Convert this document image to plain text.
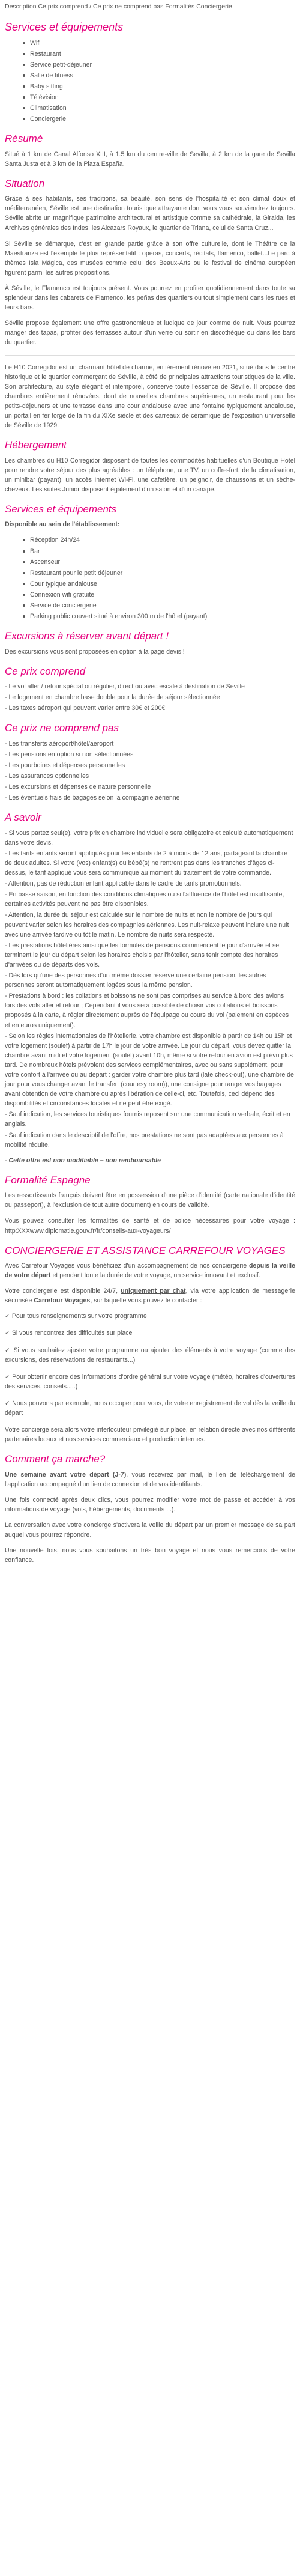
Description Ce prix comprend / Ce prix ne comprend pas Formalités Conciergerie
Services et équipements
Wifi
Restaurant
Service petit-déjeuner
Salle de fitness
Baby sitting
Télévision
Climatisation
Conciergerie
Résumé

Situé à 1 km de Canal Alfonso XIII, à 1.5 km du centre-ville de Sevilla, à 2 km de la gare de Sevilla Santa Justa et à 3 km de la Plaza España.

Situation

Grâce à ses habitants, ses traditions, sa beauté, son sens de l'hospitalité et son climat doux et méditerranéen, Séville est une destination touristique attrayante dont vous vous souviendrez toujours. Séville abrite un magnifique patrimoine architectural et artistique comme sa cathédrale, la Giralda, les Archives générales des Indes, les Alcazars Royaux, le quartier de Triana, celui de Santa Cruz...

Si Séville se démarque, c'est en grande partie grâce à son offre culturelle, dont le Théâtre de la Maestranza est l'exemple le plus représentatif : opéras, concerts, récitals, flamenco, ballet...Le parc à thèmes Isla Mágica, des musées comme celui des Beaux-Arts ou le festival de cinéma européen figurent parmi les autres propositions.

À Séville, le Flamenco est toujours présent. Vous pourrez en profiter quotidiennement dans toute sa splendeur dans les cabarets de Flamenco, les peñas des quartiers ou tout simplement dans les rues et leurs bars.

Séville propose également une offre gastronomique et ludique de jour comme de nuit. Vous pourrez manger des tapas, profiter des terrasses autour d'un verre ou sortir en discothèque ou dans les bars du quartier.

Le H10 Corregidor est un charmant hôtel de charme, entièrement rénové en 2021, situé dans le centre historique et le quartier commerçant de Séville, à côté de principales attractions touristiques de la ville. Son architecture, au style élégant et intemporel, conserve toute l'essence de Séville. Il propose des chambres entièrement rénovées, dont de nouvelles chambres supérieures, un restaurant pour les petits-déjeuners et une terrasse dans une cour andalouse avec une fontaine typiquement andalouse, un portail en fer forgé de la fin du XIXe siècle et des carreaux de céramique de l'exposition universelle de Séville de 1929.

Hébergement

Les chambres du H10 Corregidor disposent de toutes les commodités habituelles d'un Boutique Hotel pour rendre votre séjour des plus agréables : un téléphone, une TV, un coffre-fort, de la climatisation, un minibar (payant), un accès Internet Wi-Fi, une cafetière, un peignoir, de chaussons et un sèche-cheveux. Les suites Junior disposent également d'un salon et d'un canapé.

Services et équipements

Disponible au sein de l'établissement:

Réception 24h/24
Bar
Ascenseur
Restaurant pour le petit déjeuner
Cour typique andalouse
Connexion wifi gratuite
Service de conciergerie
Parking public couvert situé à environ 300 m de l'hôtel (payant)
Excursions à réserver avant départ !

Des excursions vous sont proposées en option à la page devis !

Ce prix comprend
- Le vol aller / retour spécial ou régulier, direct ou avec escale à destination de Séville
- Le logement en chambre base double pour la durée de séjour sélectionnée
- Les taxes aéroport qui peuvent varier entre 30€ et 200€
Ce prix ne comprend pas
- Les transferts aéroport/hôtel/aéroport
- Les pensions en option si non sélectionnées
- Les pourboires et dépenses personnelles
- Les assurances optionnelles
- Les excursions et dépenses de nature personnelle
- Les éventuels frais de bagages selon la compagnie aérienne
A savoir
- Si vous partez seul(e), votre prix en chambre individuelle sera obligatoire et calculé automatiquement dans votre devis.
- Les tarifs enfants seront appliqués pour les enfants de 2 à moins de 12 ans, partageant la chambre de deux adultes. Si votre (vos) enfant(s) ou bébé(s) ne rentrent pas dans les tranches d'âges ci-dessus, le tarif appliqué vous sera communiqué au moment du traitement de votre commande.
- Attention, pas de réduction enfant applicable dans le cadre de tarifs promotionnels.
- En basse saison, en fonction des conditions climatiques ou si l'affluence de l'hôtel est insuffisante, certaines activités peuvent ne pas être disponibles.
- Attention, la durée du séjour est calculée sur le nombre de nuits et non le nombre de jours qui peuvent varier selon les horaires des compagnies aériennes. Les nuit-relaxe peuvent inclure une nuit avec une arrivée tardive ou tôt le matin. Le nombre de nuits sera respecté.
- Les prestations hôtelières ainsi que les formules de pensions commencent le jour d'arrivée et se terminent le jour du départ selon les horaires choisis par l'hôtelier, sans tenir compte des horaires d'arrivées ou de départs des vols.
- Dès lors qu'une des personnes d'un même dossier réserve une certaine pension, les autres personnes seront automatiquement logées sous la même pension.
- Prestations à bord : les collations et boissons ne sont pas comprises au service à bord des avions lors des vols aller et retour ; Cependant il vous sera possible de choisir vos collations et boissons proposés à la carte, à régler directement auprès de l'équipage ou cours du vol (paiement en espèces et en euros uniquement).
- Selon les règles internationales de l'hôtellerie, votre chambre est disponible à partir de 14h ou 15h et votre logement (soulef) à partir de 17h le jour de votre arrivée. Le jour du départ, vous devez quitter la chambre avant midi et votre logement (soulef) avant 10h, même si votre retour en avion est prévu plus tard. De nombreux hôtels prévoient des services complémentaires, avec ou sans supplément, pour votre confort à l'arrivée ou au départ : garder votre chambre plus tard (late check-out), une chambre de jour pour vous changer avant le transfert (courtesy room)), une consigne pour ranger vos bagages avant obtention de votre chambre ou après libération de celle-ci, etc. Toutefois, ceci dépend des disponibilités et circonstances locales et ne peut être exigé.
- Sauf indication, les services touristiques fournis reposent sur une communication verbale, écrit et en anglais.
- Sauf indication dans le descriptif de l'offre, nos prestations ne sont pas adaptées aux personnes à mobilité réduite.

- Cette offre est non modifiable – non remboursable

Formalité Espagne

Les ressortissants français doivent être en possession d'une pièce d'identité (carte nationale d'identité ou passeport), à l'exclusion de tout autre document) en cours de validité.

Vous pouvez consulter les formalités de santé et de police nécessaires pour votre voyage : http:XXXwww.diplomatie.gouv.fr/fr/conseils-aux-voyageurs/

CONCIERGERIE ET ASSISTANCE CARREFOUR VOYAGES

Avec Carrefour Voyages vous bénéficiez d'un accompagnement de nos conciergerie depuis la veille de votre départ et pendant toute la durée de votre voyage, un service innovant et exclusif.

Votre conciergerie est disponible 24/7, uniquement par chat, via votre application de messagerie sécurisée Carrefour Voyages, sur laquelle vous pouvez le contacter :

✓ Pour tous renseignements sur votre programme

✓ Si vous rencontrez des difficultés sur place

✓ Si vous souhaitez ajuster votre programme ou ajouter des éléments à votre voyage (comme des excursions, des réservations de restaurants...)

✓ Pour obtenir encore des informations d'ordre général sur votre voyage (météo, horaires d'ouvertures des services, conseils.....)

✓ Nous pouvons par exemple, nous occuper pour vous, de votre enregistrement de vol dès la veille du départ

Votre concierge sera alors votre interlocuteur privilégié sur place, en relation directe avec nos différents partenaires locaux et nos services commerciaux et production internes.

Comment ça marche?

Une semaine avant votre départ (J-7), vous recevrez par mail, le lien de téléchargement de l'application accompagné d'un lien de connexion et de vos identifiants.

Une fois connecté après deux clics, vous pourrez modifier votre mot de passe et accéder à vos informations de voyage (vols, hébergements, documents ...).

La conversation avec votre concierge s'activera la veille du départ par un premier message de sa part auquel vous pourrez répondre.

Une nouvelle fois, nous vous souhaitons un très bon voyage et nous vous remercions de votre confiance.
